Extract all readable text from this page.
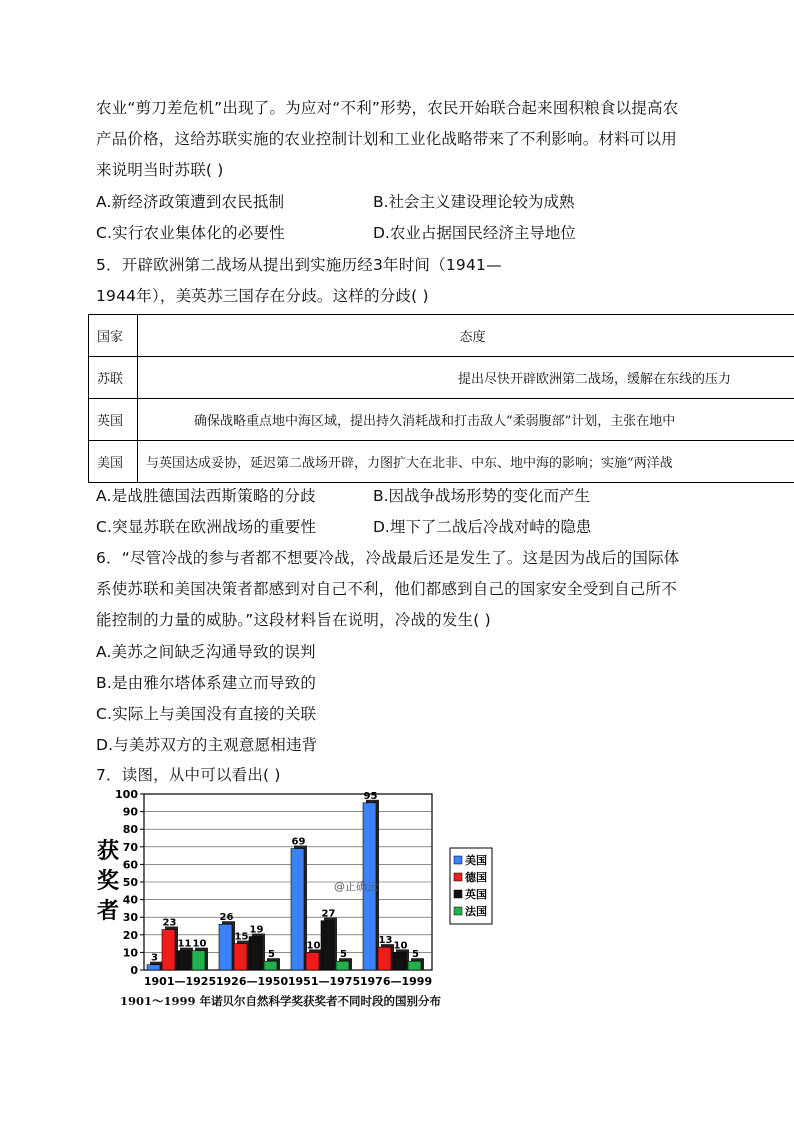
农业“剪刀差危机”出现了。为应对“不利”形势，农民开始联合起来囤积粮食以提高农
产品价格，这给苏联实施的农业控制计划和工业化战略带来了不利影响。材料可以用
来说明当时苏联( )
A.新经济政策遭到农民抵制	B.社会主义建设理论较为成熟
C.实行农业集体化的必要性	D.农业占据国民经济主导地位
5．开辟欧洲第二战场从提出到实施历经3年时间（1941—
1944年），美英苏三国存在分歧。这样的分歧( )
国家	态度
苏联	提出尽快开辟欧洲第二战场，缓解在东线的压力
英国	确保战略重点地中海区域，提出持久消耗战和打击敌人“柔弱腹部”计划，主张在地中
美国	与英国达成妥协，延迟第二战场开辟，力图扩大在北非、中东、地中海的影响；实施“两洋战
A.是战胜德国法西斯策略的分歧	B.因战争战场形势的变化而产生
C.突显苏联在欧洲战场的重要性	D.埋下了二战后冷战对峙的隐患
6．“尽管冷战的参与者都不想要冷战，冷战最后还是发生了。这是因为战后的国际体
系使苏联和美国决策者都感到对自己不利，他们都感到自己的国家安全受到自己所不
能控制的力量的威胁。”这段材料旨在说明，冷战的发生( )
A.美苏之间缺乏沟通导致的误判
B.是由雅尔塔体系建立而导致的
C.实际上与美国没有直接的关联
D.与美苏双方的主观意愿相违背
7．读图，从中可以看出( )
0
10
20
30
40
50
60
70
80
90
100
获
奖
者
3
23
11 10
1901—1925
26
15
19
5
1926—1950
69
10
27
5
1951—1975
95
13 10
5
1976—1999
@正确云
美国
德国
英国
法国
1901～1999 年诺贝尔自然科学奖获奖者不同时段的国别分布
